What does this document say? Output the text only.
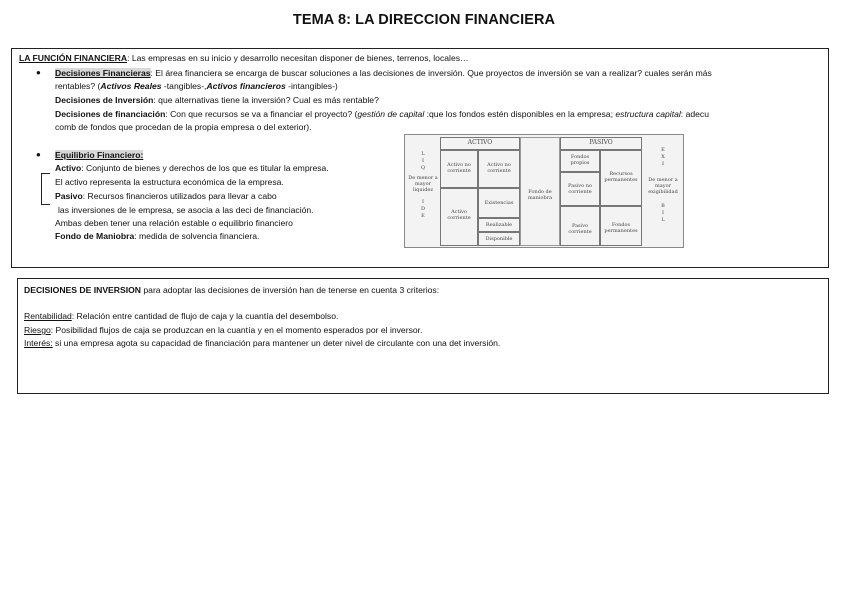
TEMA 8: LA DIRECCION FINANCIERA
LA FUNCIÓN FINANCIERA: Las empresas en su inicio y desarrollo necesitan disponer de bienes, terrenos, locales…
● Decisiones Financieras: El área financiera se encarga de buscar soluciones a las decisiones de inversión. Que proyectos de inversión se van a realizar? cuales serán más
rentables? (Activos Reales -tangibles-,Activos financieros -intangibles-)
Decisiones de Inversión: que alternativas tiene la inversión? Cual es más rentable?
Decisiones de financiación: Con que recursos se va a financiar el proyecto? (gestión de capital :que los fondos estén disponibles en la empresa; estructura capital: adecu
comb de fondos que procedan de la propia empresa o del exterior).
● Equilibrio Financiero:
Activo: Conjunto de bienes y derechos de los que es titular la empresa.
El activo representa la estructura económica de la empresa.
Pasivo: Recursos financieros utilizados para llevar a cabo
las inversiones de le empresa, se asocia a las deci de financiación.
Ambas deben tener una relación estable o equilibrio financiero
Fondo de Maniobra: medida de solvencia financiera.
ACTIVO	PASIVO
L
I
Q
De menor a mayor liquidez
I
D
E
Activo no corriente
Activo no corriente
Activo corriente
Existencias
Realizable
Disponible
Fondo de maniobra
Fondos propios
Pasivo no corriente
Recursos permanentes
Pasivo corriente
Fondos permanentes
E
X
I
De menor a mayor exigibilidad
B
I
L
DECISIONES DE INVERSION para adoptar las decisiones de inversión han de tenerse en cuenta 3 criterios:
Rentabilidad: Relación entre cantidad de flujo de caja y la cuantía del desembolso.
Riesgo: Posibilidad flujos de caja se produzcan en la cuantía y en el momento esperados por el inversor.
Interés: si una empresa agota su capacidad de financiación para mantener un deter nivel de circulante con una det inversión.
